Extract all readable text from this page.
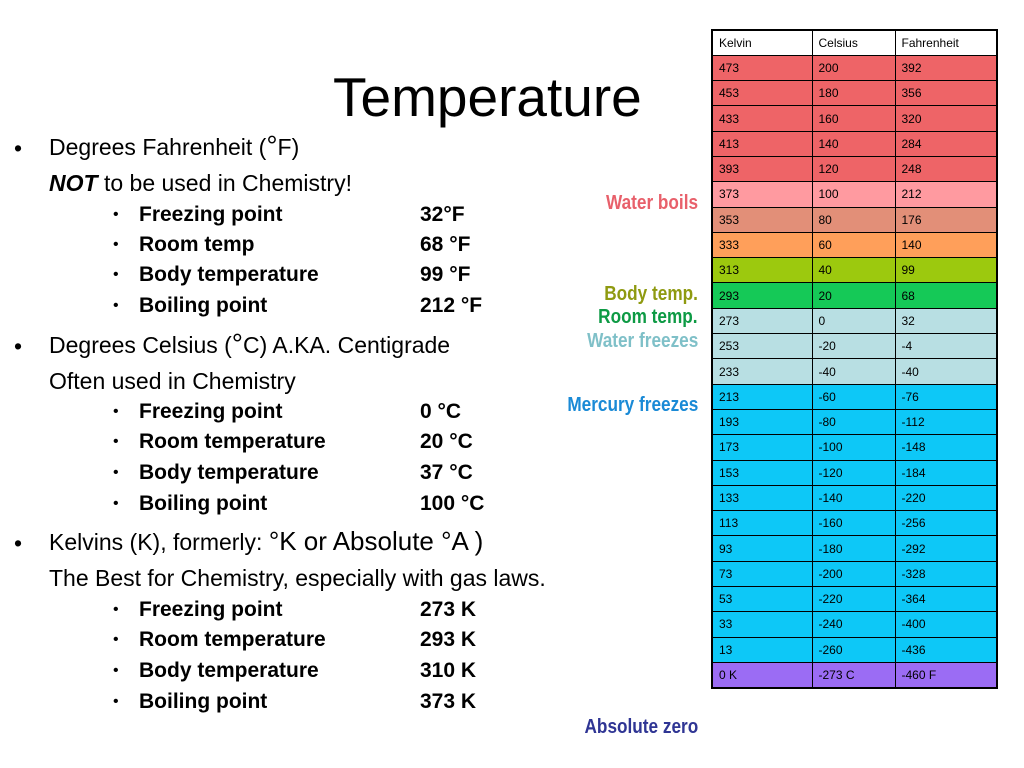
Temperature
• Degrees Fahrenheit (°F)
NOT to be used in Chemistry!
• Freezing point	32°F
• Room temp	68 °F
• Body temperature	99 °F
• Boiling point	212 °F
• Degrees Celsius (°C) A.KA. Centigrade
Often used in Chemistry
• Freezing point	0 °C
• Room temperature	20 °C
• Body temperature	37 °C
• Boiling point	100 °C
• Kelvins (K), formerly: °K or Absolute °A )
The Best for Chemistry, especially with gas laws.
• Freezing point	273 K
• Room temperature	293 K
• Body temperature	310 K
• Boiling point	373 K
Water boils
Body temp.
Room temp.
Water freezes
Mercury freezes
Absolute zero
Kelvin	Celsius	Fahrenheit
473	200	392
453	180	356
433	160	320
413	140	284
393	120	248
373	100	212
353	80	176
333	60	140
313	40	99
293	20	68
273	0	32
253	-20	-4
233	-40	-40
213	-60	-76
193	-80	-112
173	-100	-148
153	-120	-184
133	-140	-220
113	-160	-256
93	-180	-292
73	-200	-328
53	-220	-364
33	-240	-400
13	-260	-436
0 K	-273 C	-460 F
